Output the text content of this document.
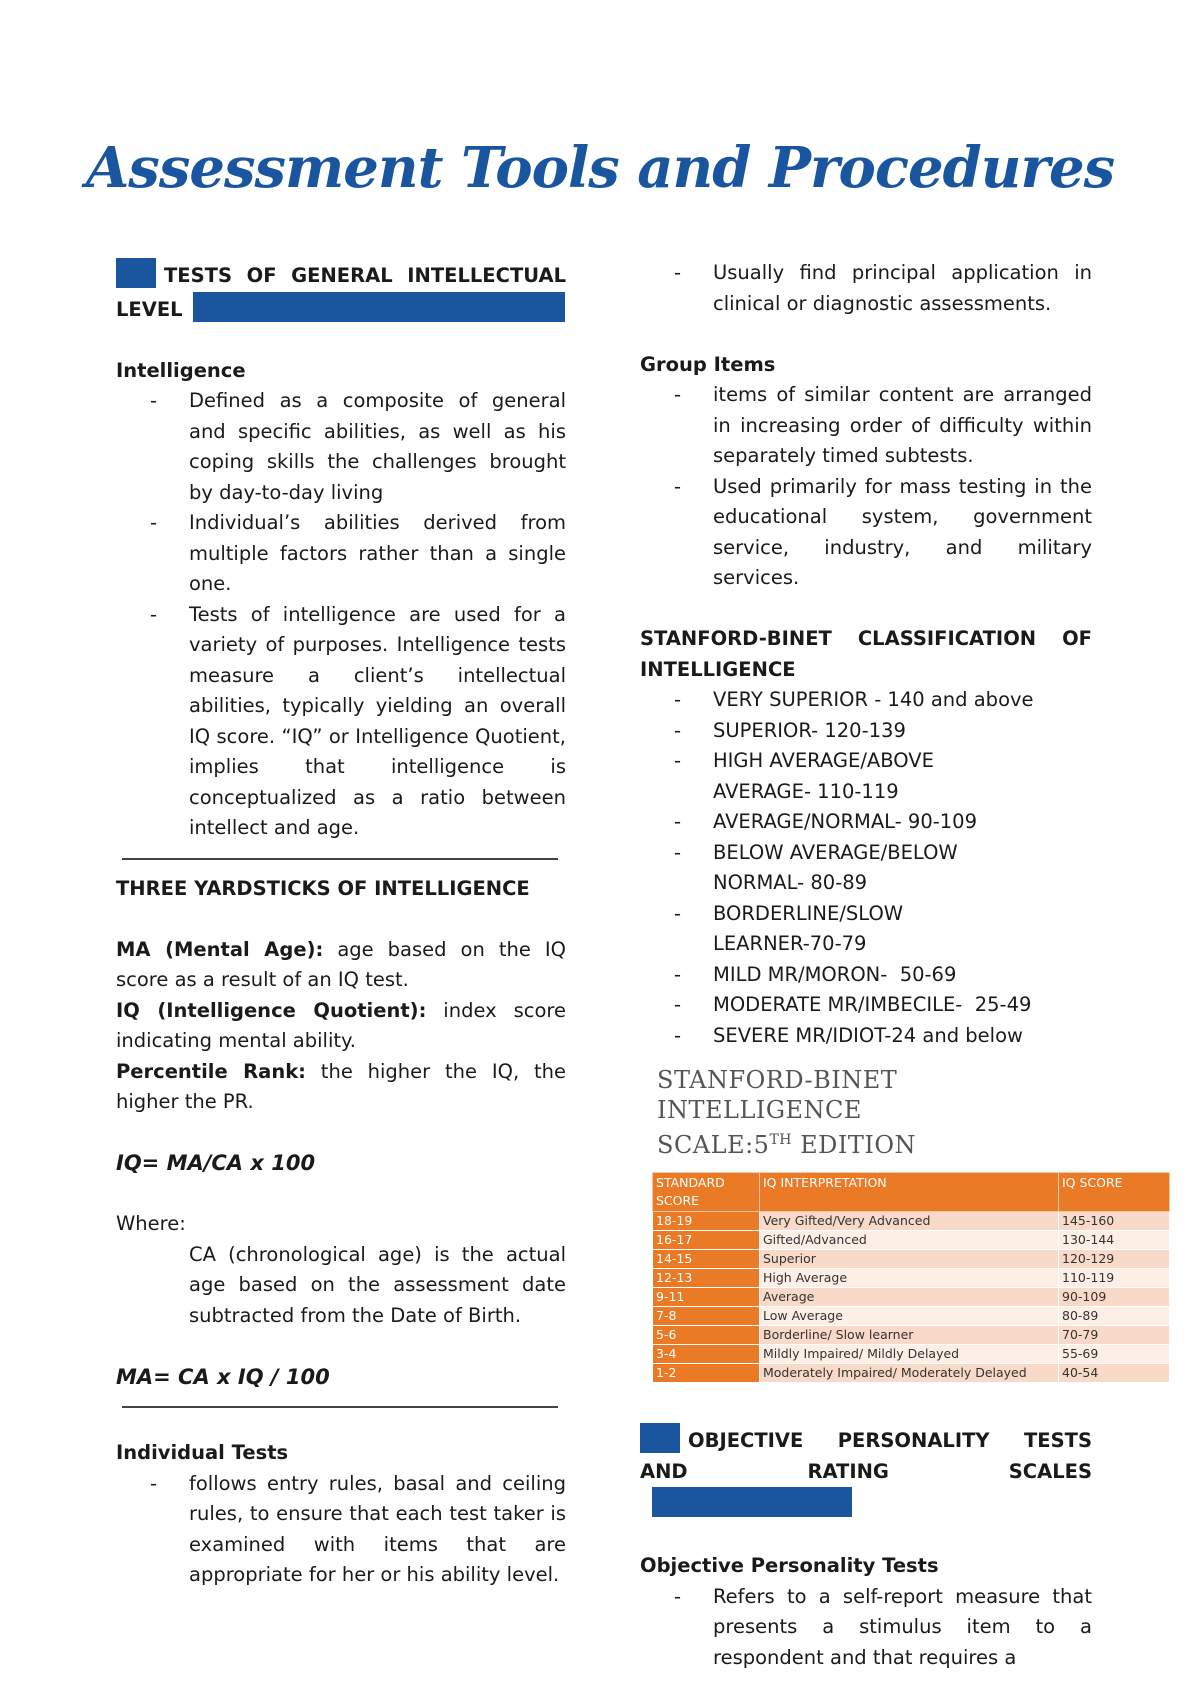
Assessment Tools and Procedures

TESTS OF GENERAL INTELLECTUAL LEVEL

Intelligence

- Defined as a composite of general and specific abilities, as well as his coping skills the challenges brought by day-to-day living
- Individual’s abilities derived from multiple factors rather than a single one.
- Tests of intelligence are used for a variety of purposes. Intelligence tests measure a client’s intellectual abilities, typically yielding an overall IQ score. “IQ” or Intelligence Quotient, implies that intelligence is conceptualized as a ratio between intellect and age.

THREE YARDSTICKS OF INTELLIGENCE

MA (Mental Age): age based on the IQ score as a result of an IQ test.

IQ (Intelligence Quotient): index score indicating mental ability.

Percentile Rank: the higher the IQ, the higher the PR.

IQ= MA/CA x 100

Where:

CA (chronological age) is the actual age based on the assessment date subtracted from the Date of Birth.

MA= CA x IQ / 100

Individual Tests

- follows entry rules, basal and ceiling rules, to ensure that each test taker is examined with items that are appropriate for her or his ability level.
- Usually find principal application in clinical or diagnostic assessments.

Group Items

- items of similar content are arranged in increasing order of difficulty within separately timed subtests.
- Used primarily for mass testing in the educational system, government service, industry, and military services.

STANFORD-BINET CLASSIFICATION OF INTELLIGENCE

- VERY SUPERIOR - 140 and above
- SUPERIOR- 120-139
- HIGH AVERAGE/ABOVE AVERAGE- 110-119
- AVERAGE/NORMAL- 90-109
- BELOW AVERAGE/BELOW NORMAL- 80-89
- BORDERLINE/SLOW LEARNER-70-79
- MILD MR/MORON-  50-69
- MODERATE MR/IMBECILE-  25-49
- SEVERE MR/IDIOT-24 and below
STANFORD-BINET INTELLIGENCE
SCALE:5TH EDITION
STANDARD SCORE	IQ INTERPRETATION	IQ SCORE
18-19	Very Gifted/Very Advanced	145-160
16-17	Gifted/Advanced	130-144
14-15	Superior	120-129
12-13	High Average	110-119
9-11	Average	90-109
7-8	Low Average	80-89
5-6	Borderline/ Slow learner	70-79
3-4	Mildly Impaired/ Mildly Delayed	55-69
1-2	Moderately Impaired/ Moderately Delayed	40-54

OBJECTIVE PERSONALITY TESTS AND RATING SCALES

Objective Personality Tests

- Refers to a self-report measure that presents a stimulus item to a respondent and that requires a
